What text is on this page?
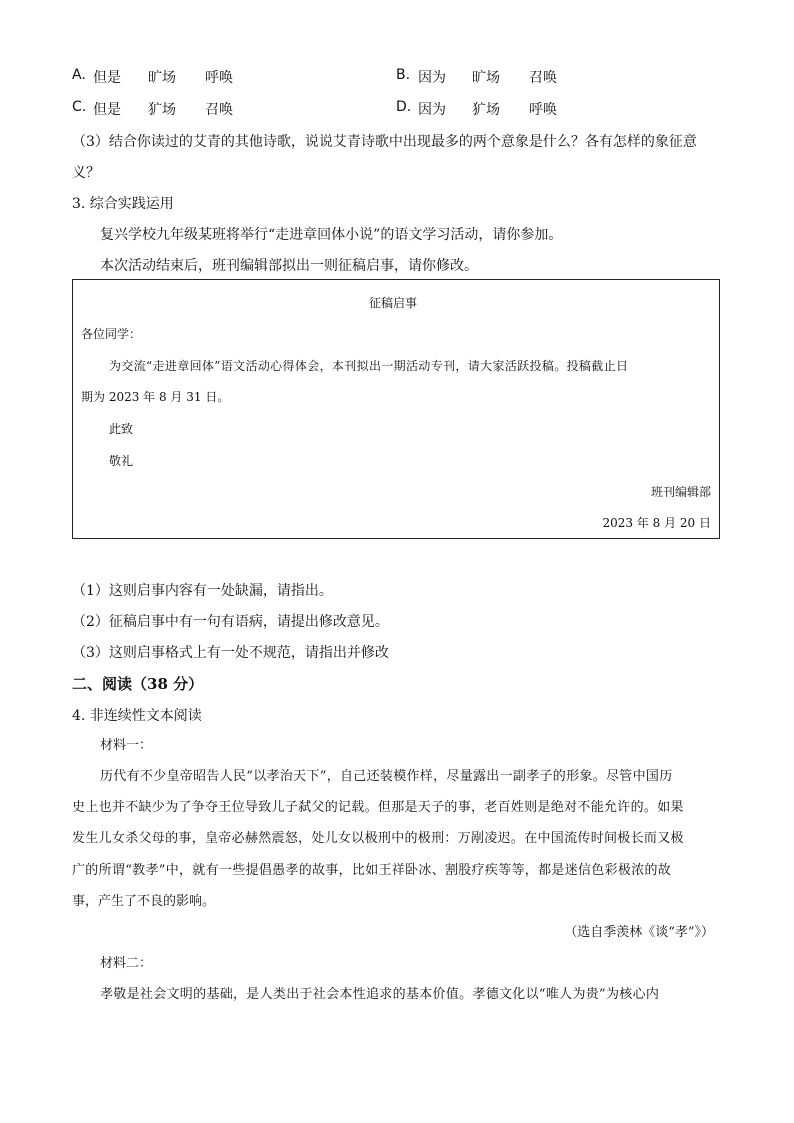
A. 但是 旷场 呼唤	B. 因为 旷场 召唤
C. 但是 犷场 召唤	D. 因为 犷场 呼唤
（3）结合你读过的艾青的其他诗歌，说说艾青诗歌中出现最多的两个意象是什么？各有怎样的象征意
义？
3. 综合实践运用
复兴学校九年级某班将举行“走进章回体小说”的语文学习活动，请你参加。
本次活动结束后，班刊编辑部拟出一则征稿启事，请你修改。
征稿启事
各位同学：
为交流“走进章回体”语文活动心得体会，本刊拟出一期活动专刊，请大家活跃投稿。投稿截止日
期为 2023 年 8 月 31 日。
此致
敬礼
班刊编辑部
2023 年 8 月 20 日
（1）这则启事内容有一处缺漏，请指出。
（2）征稿启事中有一句有语病，请提出修改意见。
（3）这则启事格式上有一处不规范，请指出并修改
二、阅读（38 分）
4. 非连续性文本阅读
材料一：
历代有不少皇帝昭告人民“以孝治天下”，自己还装模作样，尽量露出一副孝子的形象。尽管中国历
史上也并不缺少为了争夺王位导致儿子弑父的记载。但那是天子的事，老百姓则是绝对不能允许的。如果
发生儿女杀父母的事，皇帝必赫然震怒，处儿女以极刑中的极刑：万剐凌迟。在中国流传时间极长而又极
广的所谓“教孝”中，就有一些提倡愚孝的故事，比如王祥卧冰、割股疗疾等等，都是迷信色彩极浓的故
事，产生了不良的影响。
（选自季羡林《谈“孝”》）
材料二：
孝敬是社会文明的基础，是人类出于社会本性追求的基本价值。孝德文化以“唯人为贵”为核心内
